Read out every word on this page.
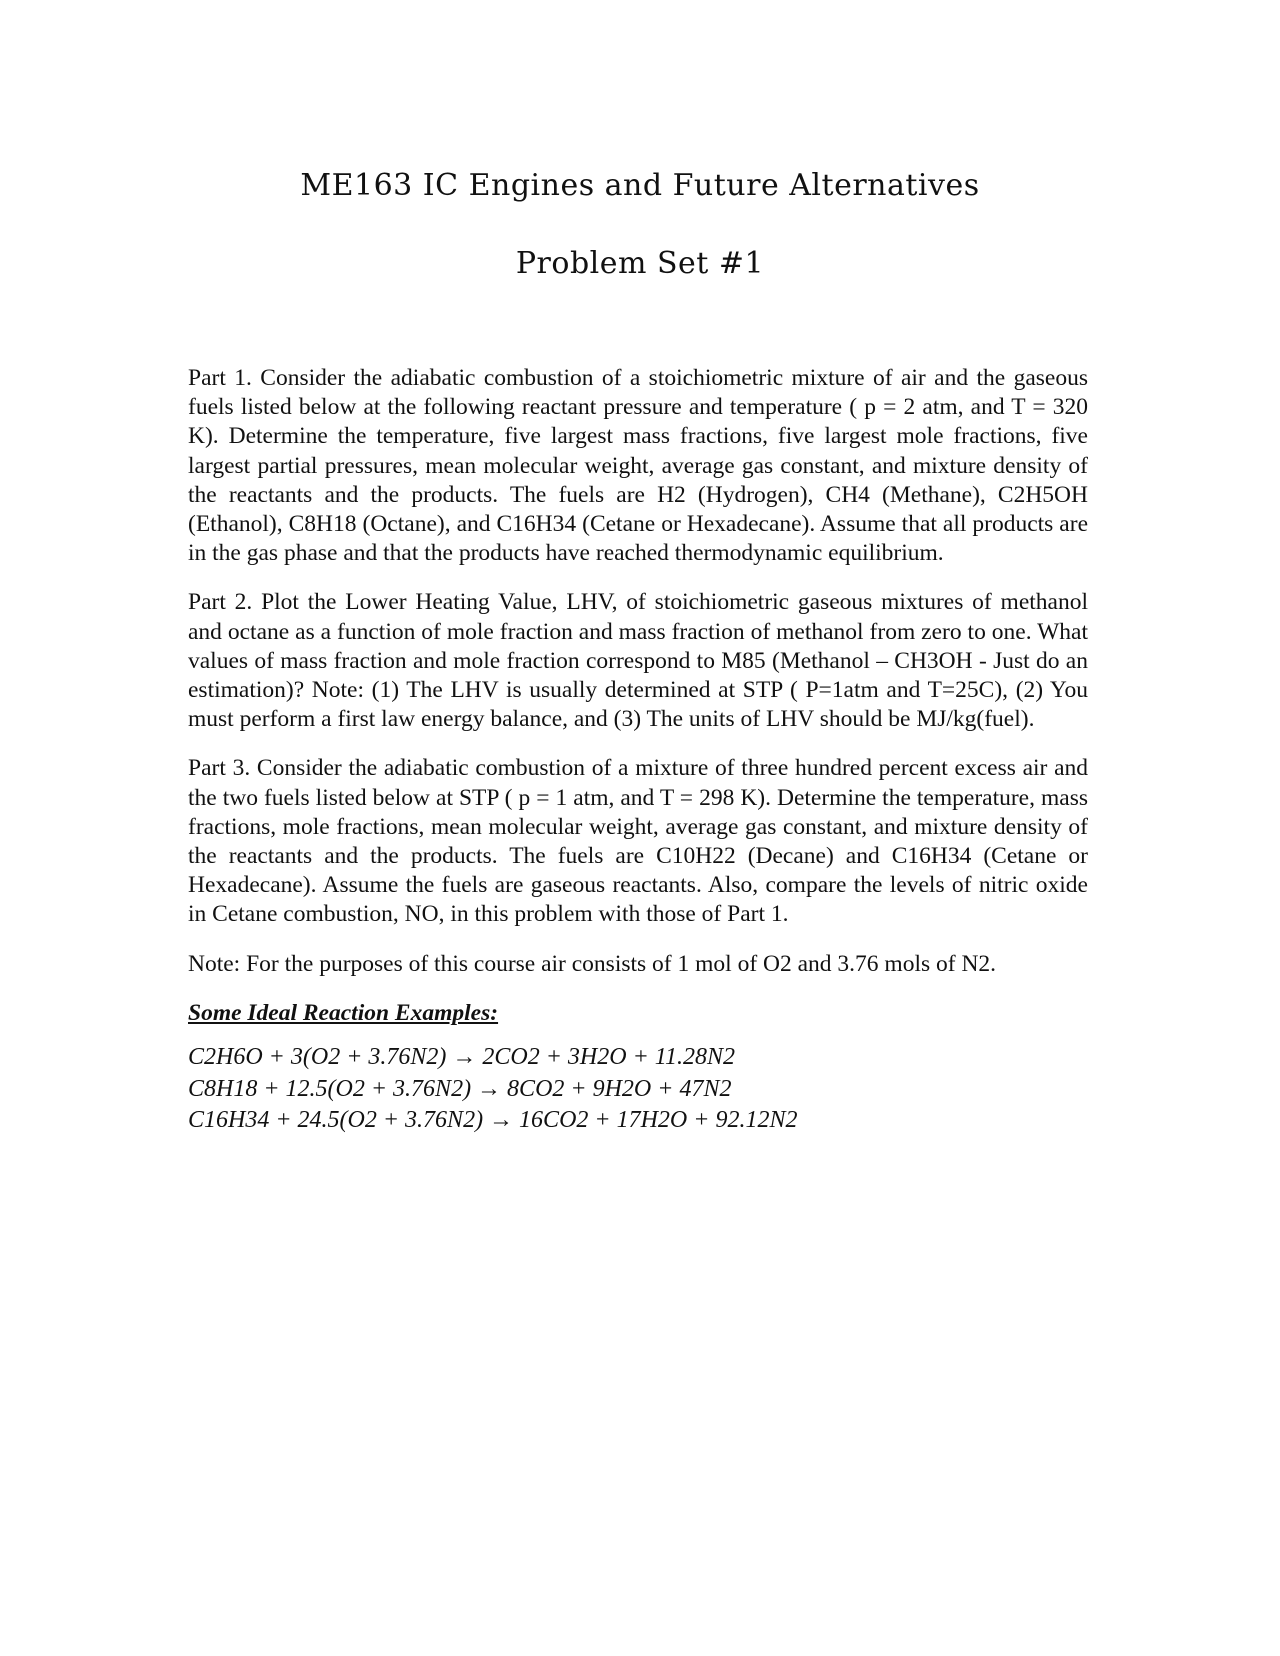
ME163 IC Engines and Future Alternatives
Problem Set #1

Part 1. Consider the adiabatic combustion of a stoichiometric mixture of air and the gaseous fuels listed below at the following reactant pressure and temperature ( p = 2 atm, and T = 320 K). Determine the temperature, five largest mass fractions, five largest mole fractions, five largest partial pressures, mean molecular weight, average gas constant, and mixture density of the reactants and the products. The fuels are H2 (Hydrogen), CH4 (Methane), C2H5OH (Ethanol), C8H18 (Octane), and C16H34 (Cetane or Hexadecane). Assume that all products are in the gas phase and that the products have reached thermodynamic equilibrium.

Part 2. Plot the Lower Heating Value, LHV, of stoichiometric gaseous mixtures of methanol and octane as a function of mole fraction and mass fraction of methanol from zero to one. What values of mass fraction and mole fraction correspond to M85 (Methanol – CH3OH - Just do an estimation)? Note: (1) The LHV is usually determined at STP ( P=1atm and T=25C), (2) You must perform a first law energy balance, and (3) The units of LHV should be MJ/kg(fuel).

Part 3. Consider the adiabatic combustion of a mixture of three hundred percent excess air and the two fuels listed below at STP ( p = 1 atm, and T = 298 K). Determine the temperature, mass fractions, mole fractions, mean molecular weight, average gas constant, and mixture density of the reactants and the products. The fuels are C10H22 (Decane) and C16H34 (Cetane or Hexadecane). Assume the fuels are gaseous reactants. Also, compare the levels of nitric oxide in Cetane combustion, NO, in this problem with those of Part 1.

Note: For the purposes of this course air consists of 1 mol of O2 and 3.76 mols of N2.

Some Ideal Reaction Examples:

C2H6O + 3(O2 + 3.76N2) → 2CO2 + 3H2O + 11.28N2

C8H18 + 12.5(O2 + 3.76N2) → 8CO2 + 9H2O + 47N2

C16H34 + 24.5(O2 + 3.76N2) → 16CO2 + 17H2O + 92.12N2
